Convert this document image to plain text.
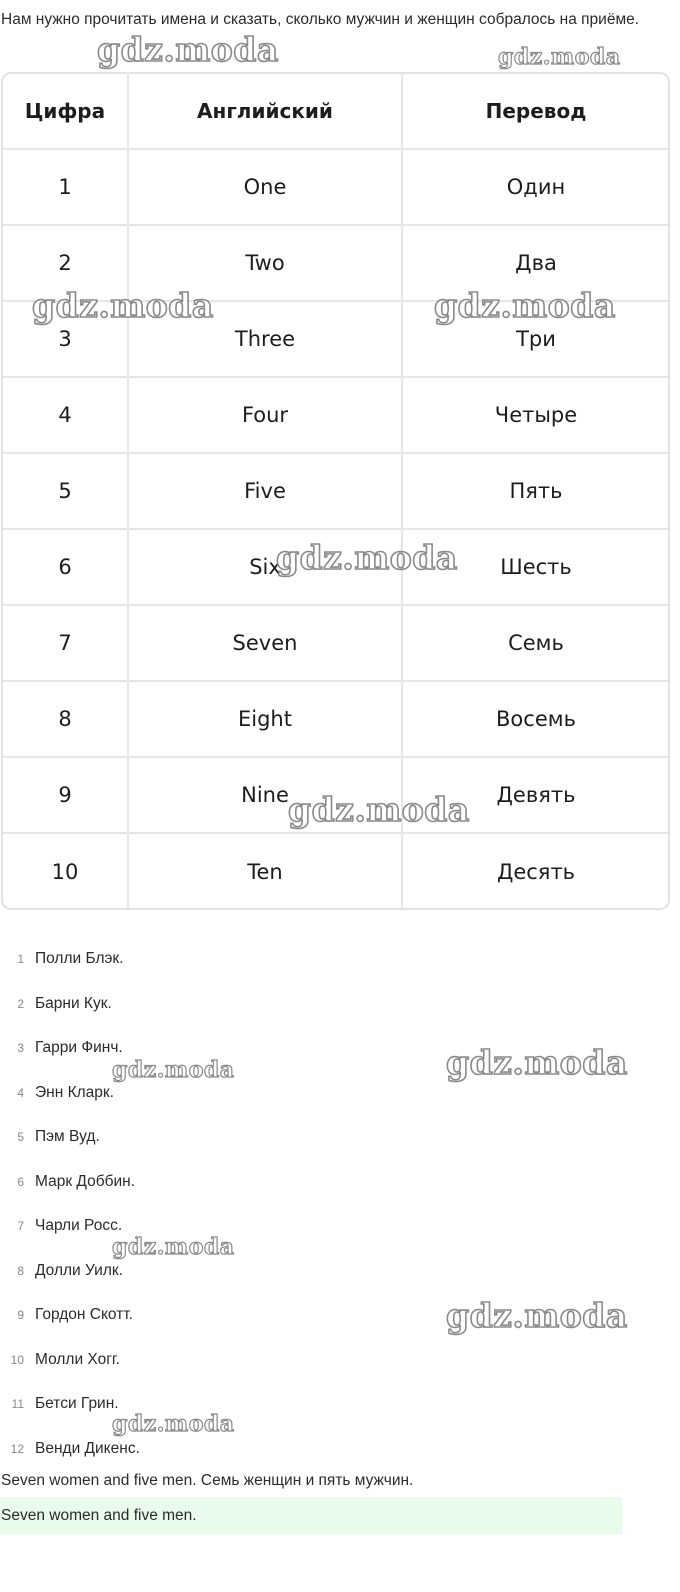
Нам нужно прочитать имена и сказать, сколько мужчин и женщин собралось на приёме.

Цифра	Английский	Перевод
1	One	Один
2	Two	Два
3	Three	Три
4	Four	Четыре
5	Five	Пять
6	Six	Шесть
7	Seven	Семь
8	Eight	Восемь
9	Nine	Девять
10	Ten	Десять
1 Полли Блэк.
2 Барни Кук.
3 Гарри Финч.
4 Энн Кларк.
5 Пэм Вуд.
6 Марк Доббин.
7 Чарли Росс.
8 Долли Уилк.
9 Гордон Скотт.
10 Молли Хогг.
11 Бетси Грин.
12 Венди Дикенс.
Seven women and five men. Семь женщин и пять мужчин.
Seven women and five men.
gdz.moda	gdz.moda
gdz.moda	gdz.moda
gdz.moda
gdz.moda
gdz.moda
gdz.moda
gdz.moda
gdz.moda
gdz.moda
